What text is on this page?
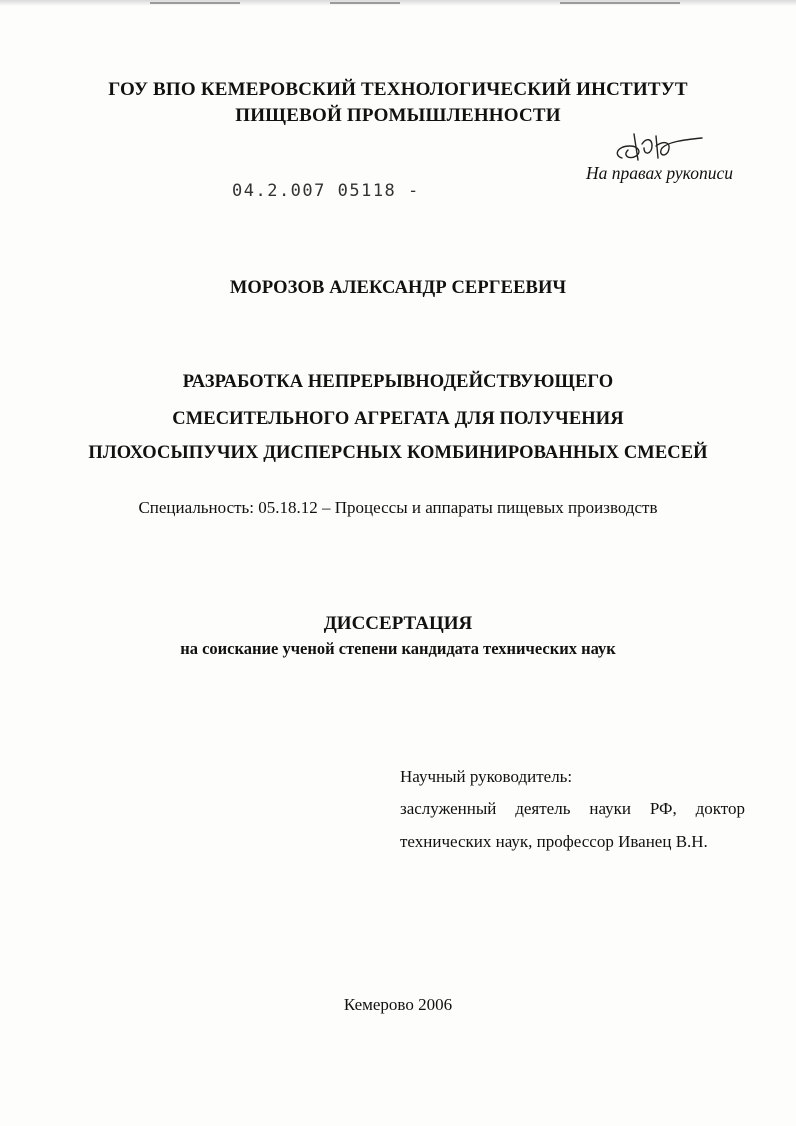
ГОУ ВПО КЕМЕРОВСКИЙ ТЕХНОЛОГИЧЕСКИЙ ИНСТИТУТ
ПИЩЕВОЙ ПРОМЫШЛЕННОСТИ
На правах рукописи
04.2.007 05118 -
МОРОЗОВ АЛЕКСАНДР СЕРГЕЕВИЧ
РАЗРАБОТКА НЕПРЕРЫВНОДЕЙСТВУЮЩЕГО
СМЕСИТЕЛЬНОГО АГРЕГАТА ДЛЯ ПОЛУЧЕНИЯ
ПЛОХОСЫПУЧИХ ДИСПЕРСНЫХ КОМБИНИРОВАННЫХ СМЕСЕЙ
Специальность: 05.18.12 – Процессы и аппараты пищевых производств
ДИССЕРТАЦИЯ
на соискание ученой степени кандидата технических наук
Научный руководитель:
заслуженный деятель науки РФ, доктор
технических наук, профессор Иванец В.Н.
Кемерово 2006
